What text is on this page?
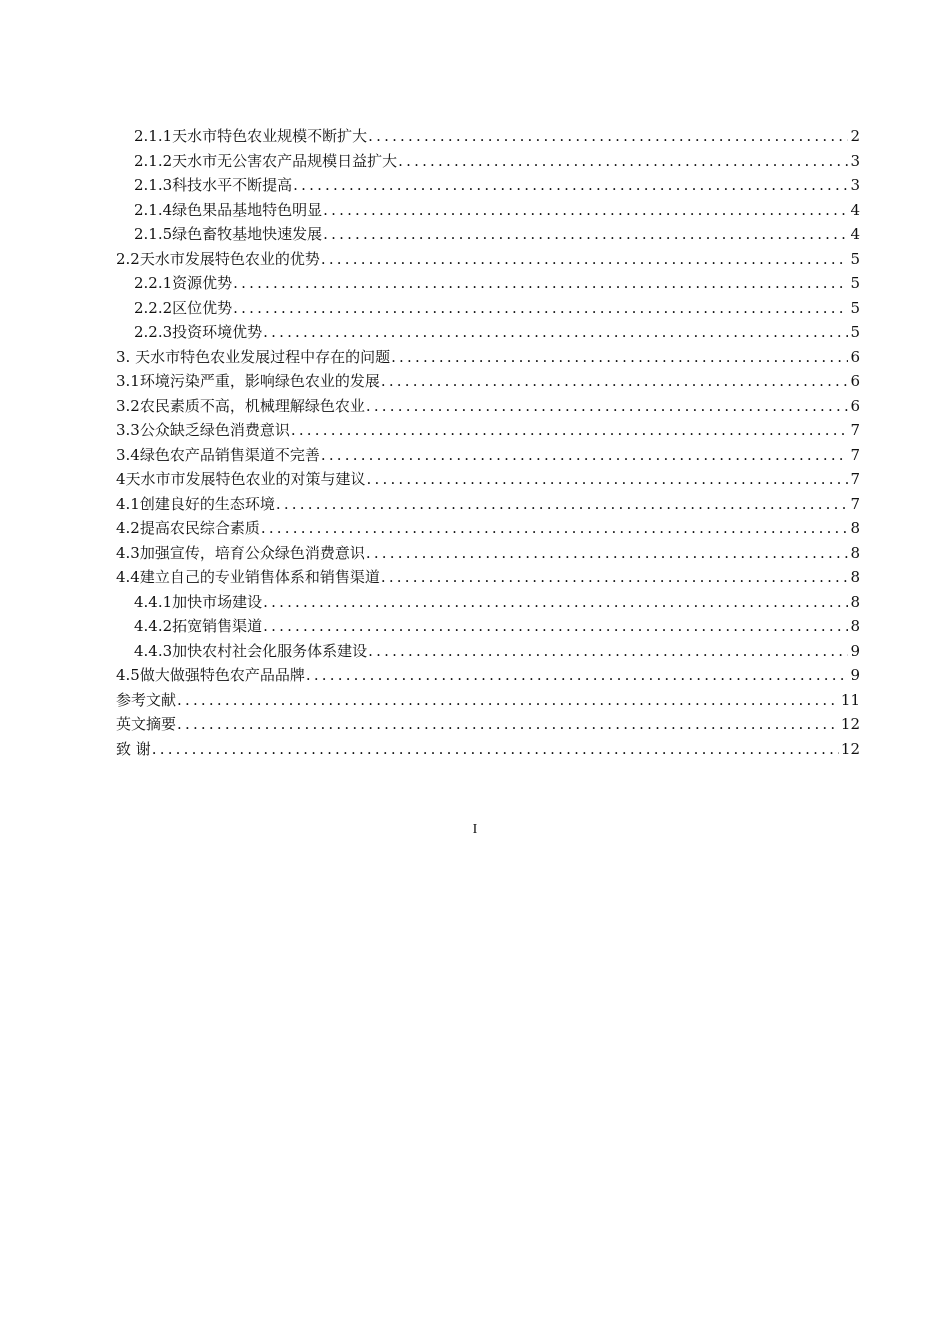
2.1.1天水市特色农业规模不断扩大 .....	2
2.1.2天水市无公害农产品规模日益扩大 .....	3
2.1.3科技水平不断提高 .....	3
2.1.4绿色果品基地特色明显 .....	4
2.1.5绿色畜牧基地快速发展 .....	4
2.2天水市发展特色农业的优势 .....	5
2.2.1资源优势 .....	5
2.2.2区位优势 .....	5
2.2.3投资环境优势 .....	5
3. 天水市特色农业发展过程中存在的问题 .....	6
3.1环境污染严重，影响绿色农业的发展 .....	6
3.2农民素质不高，机械理解绿色农业 .....	6
3.3公众缺乏绿色消费意识 .....	7
3.4绿色农产品销售渠道不完善 .....	7
4天水市市发展特色农业的对策与建议 .....	7
4.1创建良好的生态环境 .....	7
4.2提高农民综合素质 .....	8
4.3加强宣传，培育公众绿色消费意识 .....	8
4.4建立自己的专业销售体系和销售渠道 .....	8
4.4.1加快市场建设 .....	8
4.4.2拓宽销售渠道 .....	8
4.4.3加快农村社会化服务体系建设 .....	9
4.5做大做强特色农产品品牌 .....	9
参考文献 .....	11
英文摘要 .....	12
致 谢 .....	12
I
